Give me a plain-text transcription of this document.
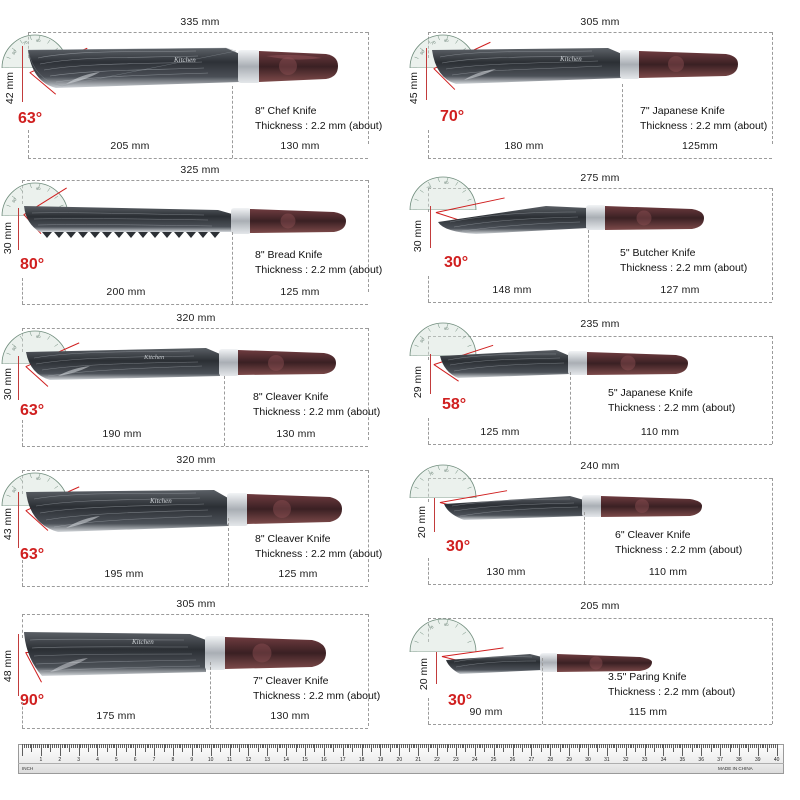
335 mm
60
70 90
42 mm
63°
Kitchen
205 mm	130 mm
8" Chef Knife
Thickness : 2.2 mm (about)
305 mm
60
70 90
45 mm
70°
Kitchen
180 mm	125mm
7" Japanese Knife
Thickness : 2.2 mm (about)
325 mm
60
90
30 mm
80°
200 mm	125 mm
8" Bread Knife
Thickness : 2.2 mm (about)
275 mm
70
90
30 mm
30°
148 mm	127 mm
5" Butcher Knife
Thickness : 2.2 mm (about)
320 mm
60
90
30 mm
63°
Kitchen
190 mm	130 mm
8" Cleaver Knife
Thickness : 2.2 mm (about)
235 mm
60
90
29 mm
58°
125 mm	110 mm
5" Japanese Knife
Thickness : 2.2 mm (about)
320 mm
60
90
43 mm
63°
Kitchen
195 mm	125 mm
8" Cleaver Knife
Thickness : 2.2 mm (about)
240 mm
70 90
20 mm
30°
130 mm	110 mm
6" Cleaver Knife
Thickness : 2.2 mm (about)
305 mm
48 mm
90°
Kitchen
175 mm	130 mm
7" Cleaver Knife
Thickness : 2.2 mm (about)
205 mm
70 90
20 mm
30°
90 mm	115 mm
3.5" Paring Knife
Thickness : 2.2 mm (about)
1	2	3	4	5	6	7	8	9	10	11	12	13	14	15	16	17	18	19	20	21	22	23	24	25	26	27	28	29	30	31	32	33	34	35	36	37	38	39	40
INCH	MADE IN CHINA
